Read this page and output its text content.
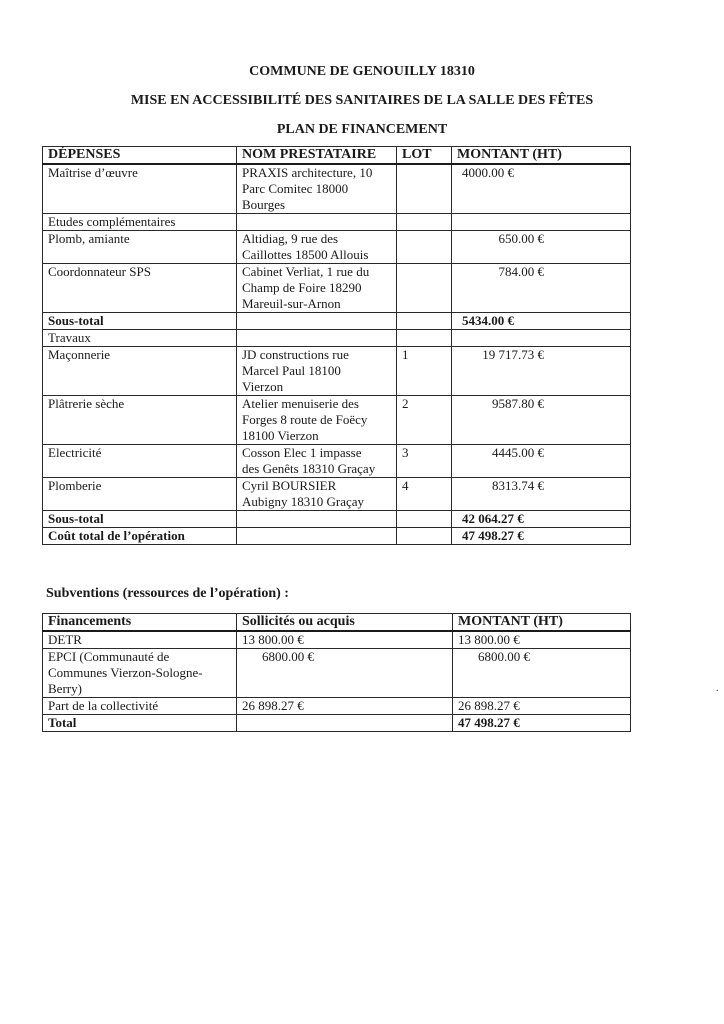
COMMUNE DE GENOUILLY 18310
MISE EN ACCESSIBILITÉ DES SANITAIRES DE LA SALLE DES FÊTES
PLAN DE FINANCEMENT
DÉPENSES	NOM PRESTATAIRE	LOT	MONTANT (HT)
Maîtrise d’œuvre	PRAXIS architecture, 10
Parc Comitec 18000
Bourges		4000.00 €
Etudes complémentaires			
Plomb, amiante	Altidiag, 9 rue des
Caillottes 18500 Allouis		650.00 €
Coordonnateur SPS	Cabinet Verliat, 1 rue du
Champ de Foire 18290
Mareuil-sur-Arnon		784.00 €
Sous-total			5434.00 €
Travaux			
Maçonnerie	JD constructions rue
Marcel Paul 18100
Vierzon	1	19 717.73 €
Plâtrerie sèche	Atelier menuiserie des
Forges 8 route de Foëcy
18100 Vierzon	2	9587.80 €
Electricité	Cosson Elec 1 impasse
des Genêts 18310 Graçay	3	4445.00 €
Plomberie	Cyril BOURSIER
Aubigny 18310 Graçay	4	8313.74 €
Sous-total			42 064.27 €
Coût total de l’opération			47 498.27 €
Subventions (ressources de l’opération) :
Financements	Sollicités ou acquis	MONTANT (HT)

DETR	13 800.00 €	13 800.00 €

EPCI (Communauté de
Communes Vierzon-Sologne-
Berry)	6800.00 €	6800.00 €

Part de la collectivité	26 898.27 €	26 898.27 €

Total		47 498.27 €
.
